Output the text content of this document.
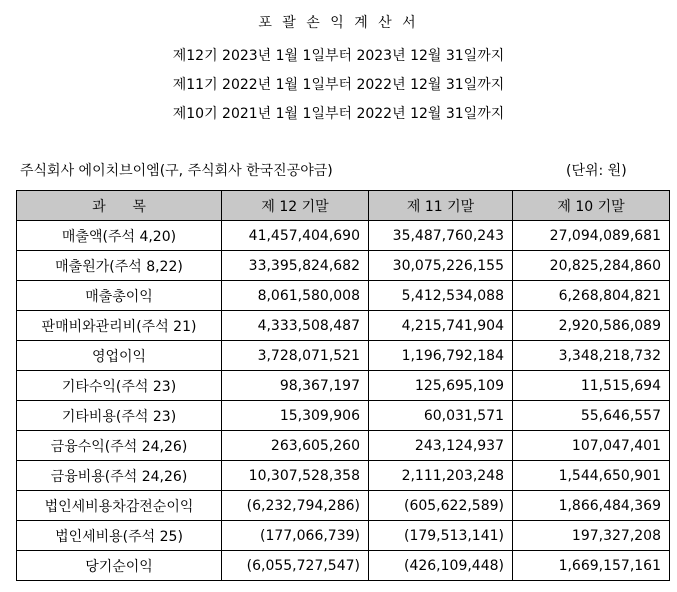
포 괄 손 익 계 산 서
제12기 2023년 1월 1일부터 2023년 12월 31일까지
제11기 2022년 1월 1일부터 2022년 12월 31일까지
제10기 2021년 1월 1일부터 2022년 12월 31일까지
주식회사 에이치브이엠(구, 주식회사 한국진공야금)	(단위: 원)
과      목	제 12 기말	제 11 기말	제 10 기말
매출액(주석 4,20)	41,457,404,690	35,487,760,243	27,094,089,681
매출원가(주석 8,22)	33,395,824,682	30,075,226,155	20,825,284,860
매출총이익	8,061,580,008	5,412,534,088	6,268,804,821
판매비와관리비(주석 21)	4,333,508,487	4,215,741,904	2,920,586,089
영업이익	3,728,071,521	1,196,792,184	3,348,218,732
기타수익(주석 23)	98,367,197	125,695,109	11,515,694
기타비용(주석 23)	15,309,906	60,031,571	55,646,557
금융수익(주석 24,26)	263,605,260	243,124,937	107,047,401
금융비용(주석 24,26)	10,307,528,358	2,111,203,248	1,544,650,901
법인세비용차감전순이익	(6,232,794,286)	(605,622,589)	1,866,484,369
법인세비용(주석 25)	(177,066,739)	(179,513,141)	197,327,208
당기순이익	(6,055,727,547)	(426,109,448)	1,669,157,161
